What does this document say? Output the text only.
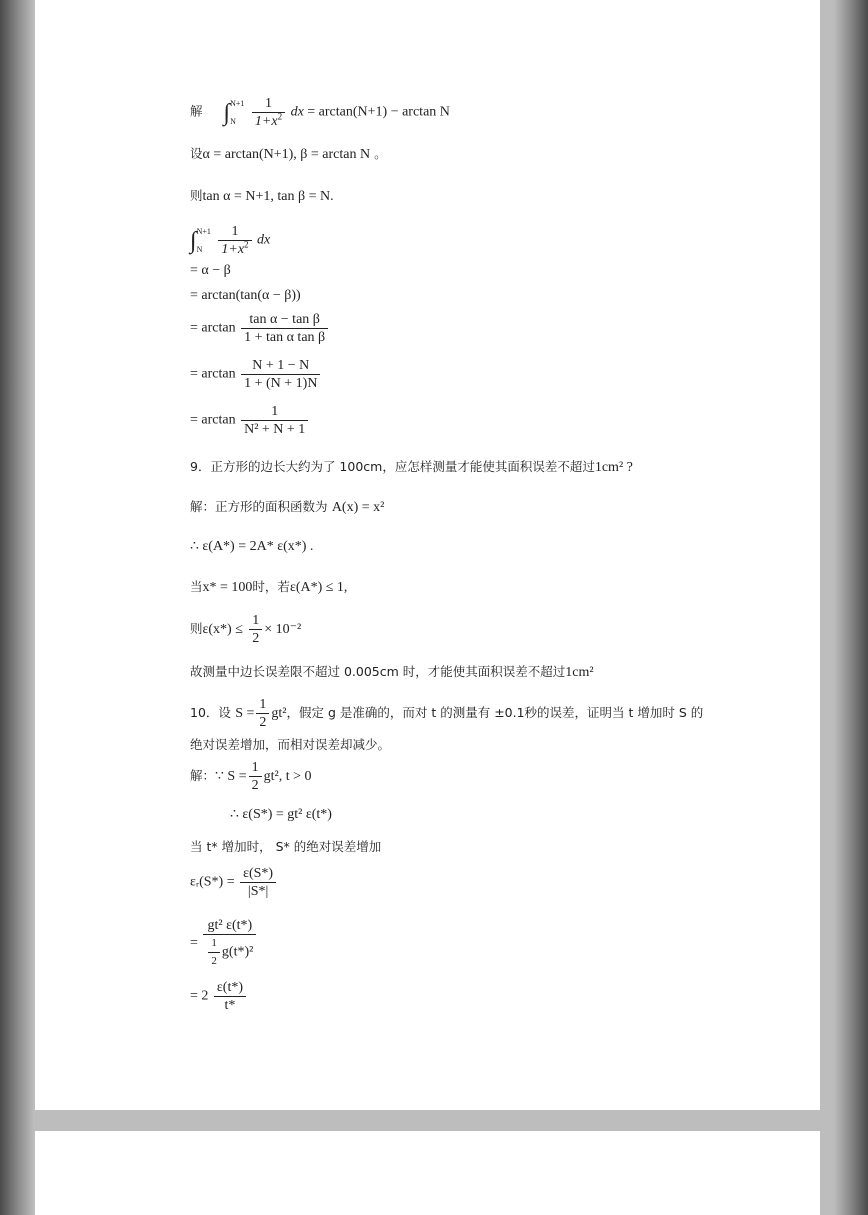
解 ∫ N+1
N
	$\frac{1}{1+x^2}$ dx = arctan(N+1) − arctan N
设α = arctan(N+1), β = arctan N 。
则tan α = N+1, tan β = N.
∫ N+1
N
	$\frac{1}{1+x^2}$ dx
= α − β
= arctan(tan(α − β))
= $\arctan \frac{\text{tan α − tan β}}{\text{1 + tan α tan β}}$
= $\arctan \frac{N + 1 - N}{1 + (N + 1)N}$
= $\arctan \frac{1}{\text{N² + N + 1}}$
9．正方形的边长大约为了 100cm，应怎样测量才能使其面积误差不超过1cm² ?
解：正方形的面积函数为 A(x) = x²
∴ ε(A*) = 2A* ε(x*) .
当x* = 100时，若ε(A*) ≤ 1,
则$\varepsilon(x*) \le \frac{1}{2} \times 10^{-2}$
故测量中边长误差限不超过 0.005cm 时，才能使其面积误差不超过1cm²
10．设 $S = \frac{1}{2} gt^2$，假定 g 是准确的，而对 t 的测量有 ±0.1秒的误差，证明当 t 增加时 S 的
绝对误差增加，而相对误差却减少。
解：∵ $S = \frac{1}{2} gt^2$, t > 0
∴ ε(S*) = gt² ε(t*)
当 t* 增加时， S* 的绝对误差增加
εᵣ(S*) = $\frac{\varepsilon(S*)}{|S*|}$
= $\frac{\text{gt² ε(t*)}}{\frac{1}{2} g(t*)^2}$
= $2 \frac{\varepsilon(t*)}{t*}$
